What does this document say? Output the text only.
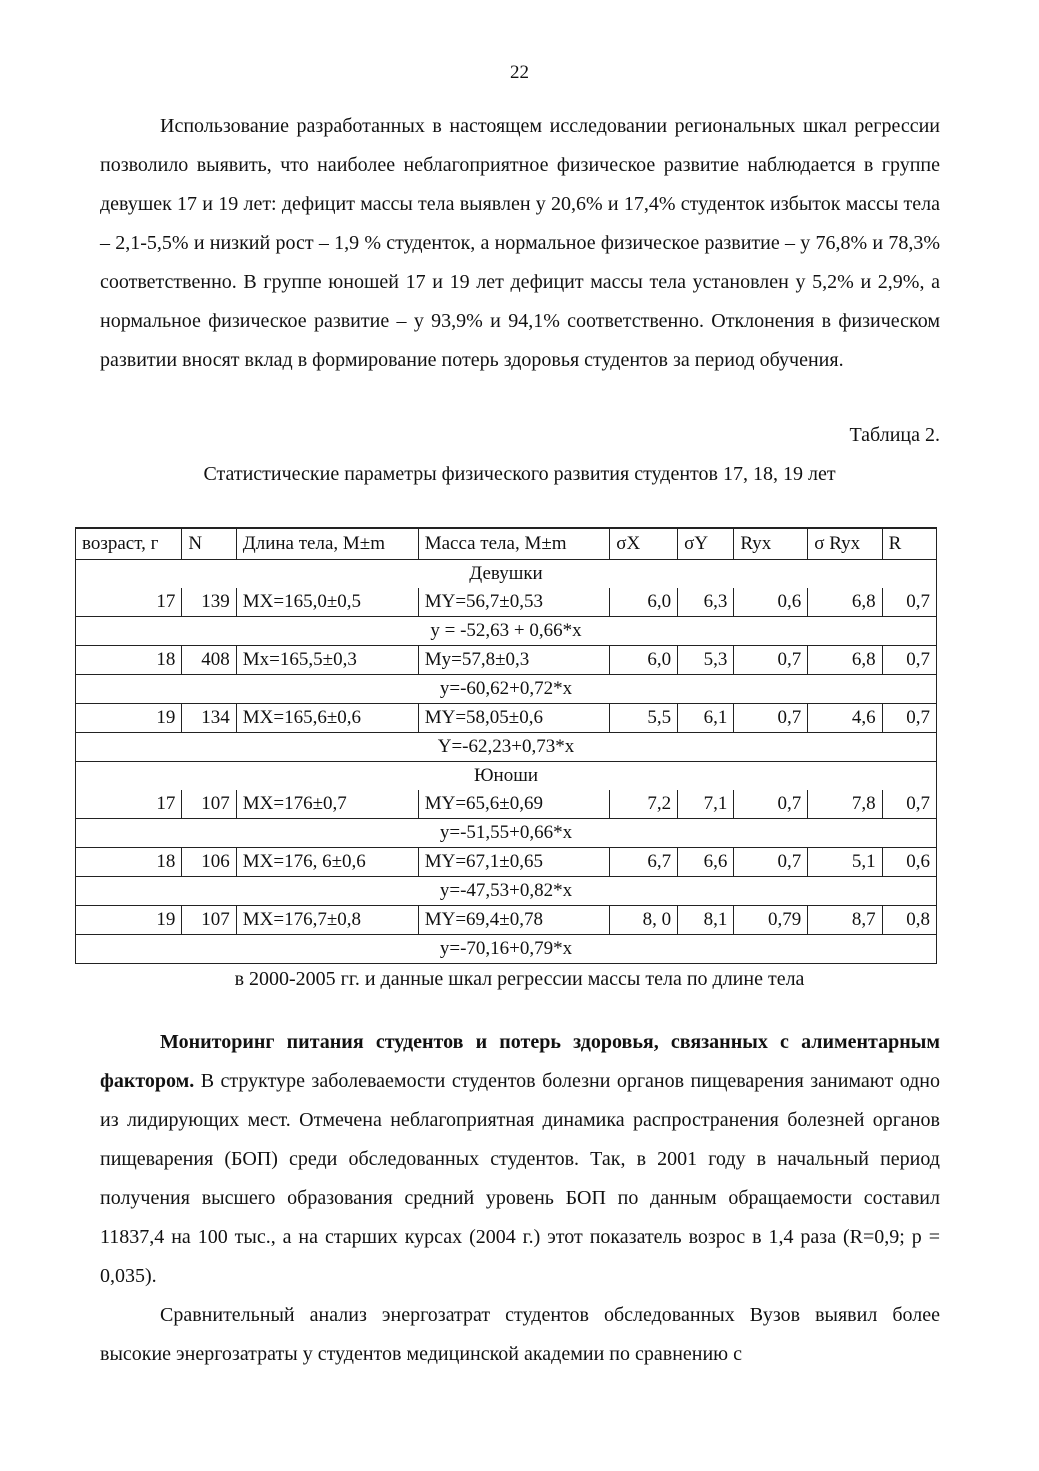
22

Использование разработанных в настоящем исследовании региональных шкал регрессии позволило выявить, что наиболее неблагоприятное физическое развитие наблюдается в группе девушек 17 и 19 лет: дефицит массы тела выявлен у 20,6% и 17,4% студенток избыток массы тела – 2,1-5,5% и низкий рост – 1,9 % студенток, а нормальное физическое развитие – у 76,8% и 78,3% соответственно. В группе юношей 17 и 19 лет дефицит массы тела установлен у 5,2% и 2,9%, а нормальное физическое развитие – у 93,9% и 94,1% соответственно. Отклонения в физическом развитии вносят вклад в формирование потерь здоровья студентов за период обучения.

Таблица 2.

Статистические параметры физического развития студентов 17, 18, 19 лет

возраст, г	N	Длина тела, M±m	Масса тела, M±m	σX	σY	Ryx	σ Ryx	R
Девушки								
17	139	MX=165,0±0,5	MY=56,7±0,53	6,0	6,3	0,6	6,8	0,7
y = -52,63 + 0,66*x								
18	408	Mx=165,5±0,3	My=57,8±0,3	6,0	5,3	0,7	6,8	0,7
y=-60,62+0,72*x								
19	134	MX=165,6±0,6	MY=58,05±0,6	5,5	6,1	0,7	4,6	0,7
Y=-62,23+0,73*x								
Юноши								
17	107	MX=176±0,7	MY=65,6±0,69	7,2	7,1	0,7	7,8	0,7
y=-51,55+0,66*x								
18	106	MX=176, 6±0,6	MY=67,1±0,65	6,7	6,6	0,7	5,1	0,6
y=-47,53+0,82*x								
19	107	MX=176,7±0,8	MY=69,4±0,78	8, 0	8,1	0,79	8,7	0,8
y=-70,16+0,79*x								

в 2000-2005 гг. и данные шкал регрессии массы тела по длине тела

Мониторинг питания студентов и потерь здоровья, связанных с алиментарным фактором. В структуре заболеваемости студентов болезни органов пищеварения занимают одно из лидирующих мест. Отмечена неблагоприятная динамика распространения болезней органов пищеварения (БОП) среди обследованных студентов. Так, в 2001 году в начальный период получения высшего образования средний уровень БОП по данным обращаемости составил 11837,4 на 100 тыс., а на старших курсах (2004 г.) этот показатель возрос в 1,4 раза (R=0,9; p = 0,035).

Сравнительный анализ энергозатрат студентов обследованных Вузов выявил более высокие энергозатраты у студентов медицинской академии по сравнению с
